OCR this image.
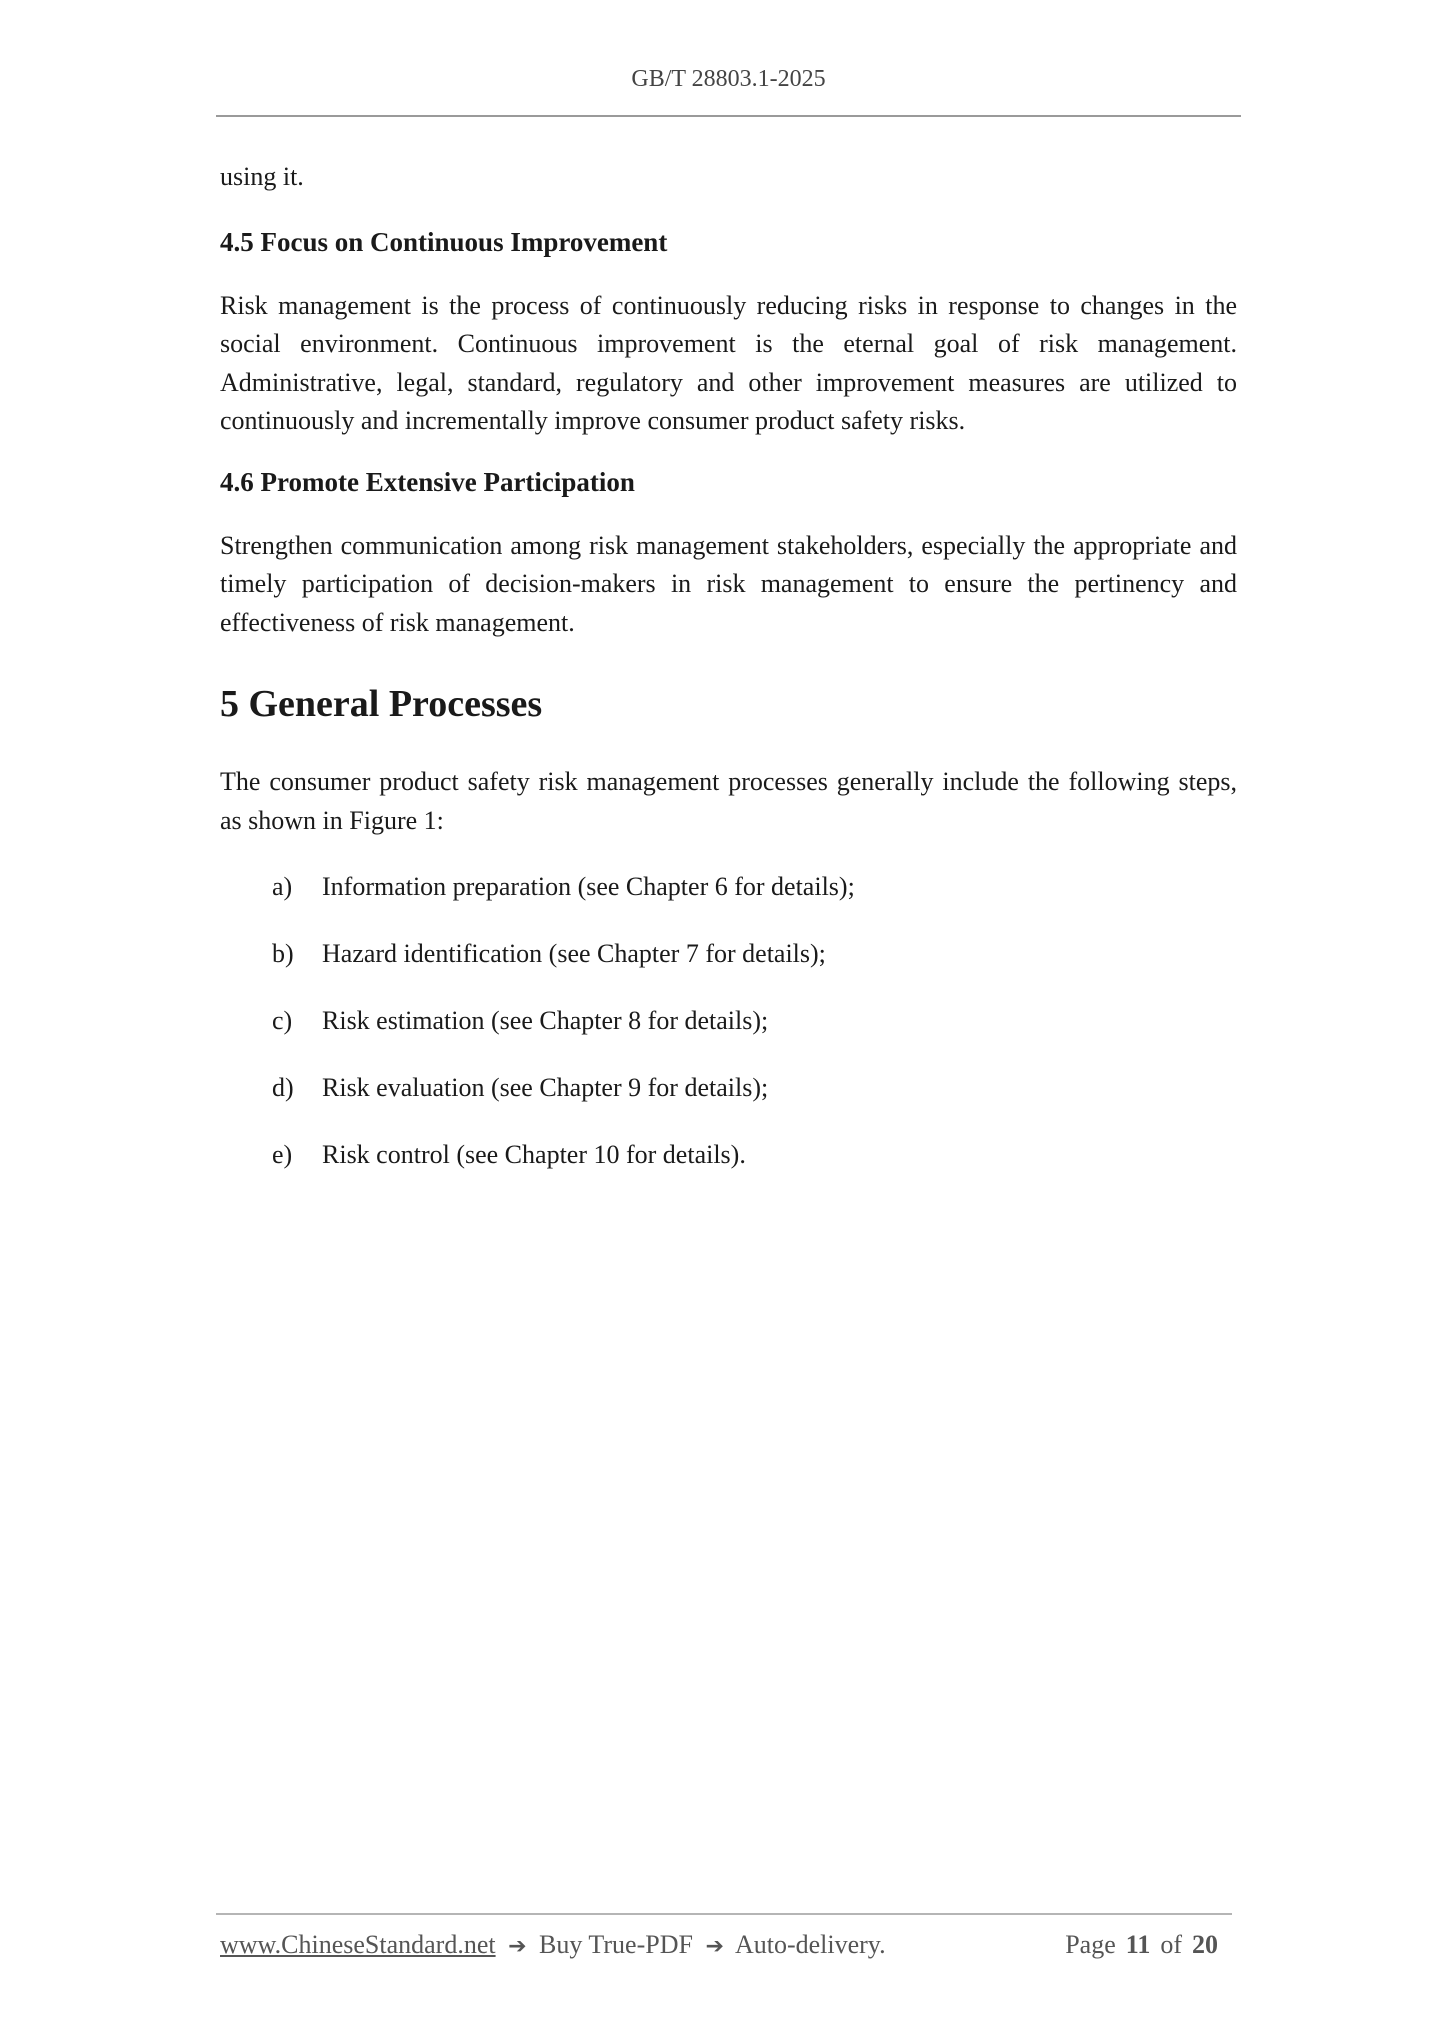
GB/T 28803.1-2025

using it.

4.5 Focus on Continuous Improvement

Risk management is the process of continuously reducing risks in response to changes in the social environment. Continuous improvement is the eternal goal of risk management. Administrative, legal, standard, regulatory and other improvement measures are utilized to continuously and incrementally improve consumer product safety risks.

4.6 Promote Extensive Participation

Strengthen communication among risk management stakeholders, especially the appropriate and timely participation of decision-makers in risk management to ensure the pertinency and effectiveness of risk management.

5 General Processes

The consumer product safety risk management processes generally include the following steps, as shown in Figure 1:

a) Information preparation (see Chapter 6 for details);
b) Hazard identification (see Chapter 7 for details);
c) Risk estimation (see Chapter 8 for details);
d) Risk evaluation (see Chapter 9 for details);
e) Risk control (see Chapter 10 for details).
www.ChineseStandard.net ➔ Buy True-PDF ➔ Auto-delivery.	Page 11 of 20
